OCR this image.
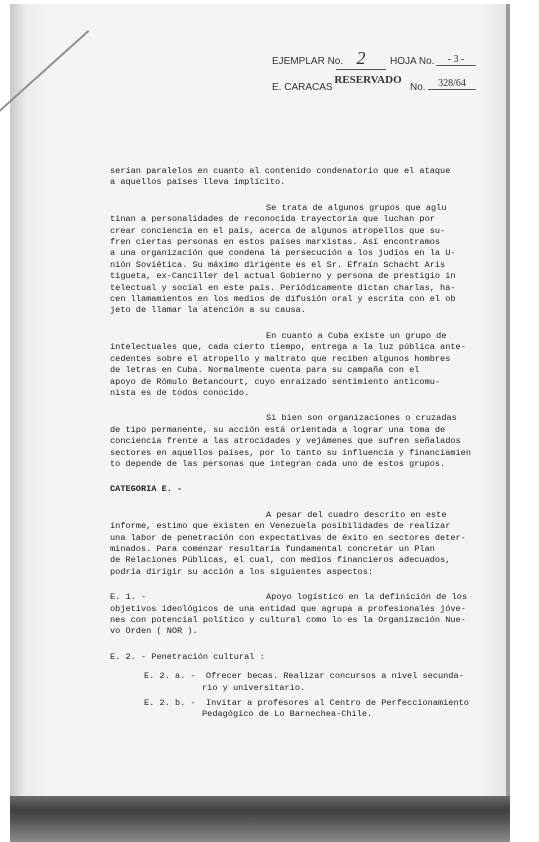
EJEMPLAR No. 2	HOJA No.	- 3 -
E. CARACAS
RESERVADO
No.	328/64
serían paralelos en cuanto al contenido condenatorio que el ataque
a aquellos países lleva implícito.
Se trata de algunos grupos que aglu
tinan a personalidades de reconocida trayectoria que luchan por
crear conciencia en el país, acerca de algunos atropellos que su-
fren ciertas personas en estos países marxistas. Así encontramos
a una organización que condena la persecución a los judíos en la U-
nión Soviética. Su máximo dirigente es el Sr. Efraín Schacht Aris
tigueta, ex-Canciller del actual Gobierno y persona de prestigio in
telectual y social en este país. Periódicamente dictan charlas, ha-
cen llamamientos en los medios de difusión oral y escrita con el ob
jeto de llamar la atención a su causa.
En cuanto a Cuba existe un grupo de
intelectuales que, cada cierto tiempo, entrega a la luz pública ante-
cedentes sobre el atropello y maltrato que reciben algunos hombres
de letras en Cuba. Normalmente cuenta para su campaña con el
apoyo de Rómulo Betancourt, cuyo enraizado sentimiento anticomu-
nista es de todos conocido.
Si bien son organizaciones o cruzadas
de tipo permanente, su acción está orientada a lograr una toma de
conciencia frente a las atrocidades y vejámenes que sufren señalados
sectores en aquellos países, por lo tanto su influencia y financiamien
to depende de las personas que integran cada uno de estos grupos.
CATEGORIA E. -
A pesar del cuadro descrito en este
informe, estimo que existen en Venezuela posibilidades de realizar
una labor de penetración con expectativas de éxito en sectores deter-
minados. Para comenzar resultaría fundamental concretar un Plan
de Relaciones Públicas, el cual, con medios financieros adecuados,
podría dirigir su acción a los siguientes aspectos:
E. 1. -	Apoyo logístico en la definición de los
objetivos ideológicos de una entidad que agrupa a profesionales jóve-
nes con potencial político y cultural como lo es la Organización Nue-
vo Orden ( NOR ).
E. 2. - Penetración cultural :
E. 2. a. - Ofrecer becas. Realizar concursos a nivel secunda-
rio y universitario.
E. 2. b. - Invitar a profesores al Centro de Perfeccionamiento
Pedagógico de Lo Barnechea-Chile.
